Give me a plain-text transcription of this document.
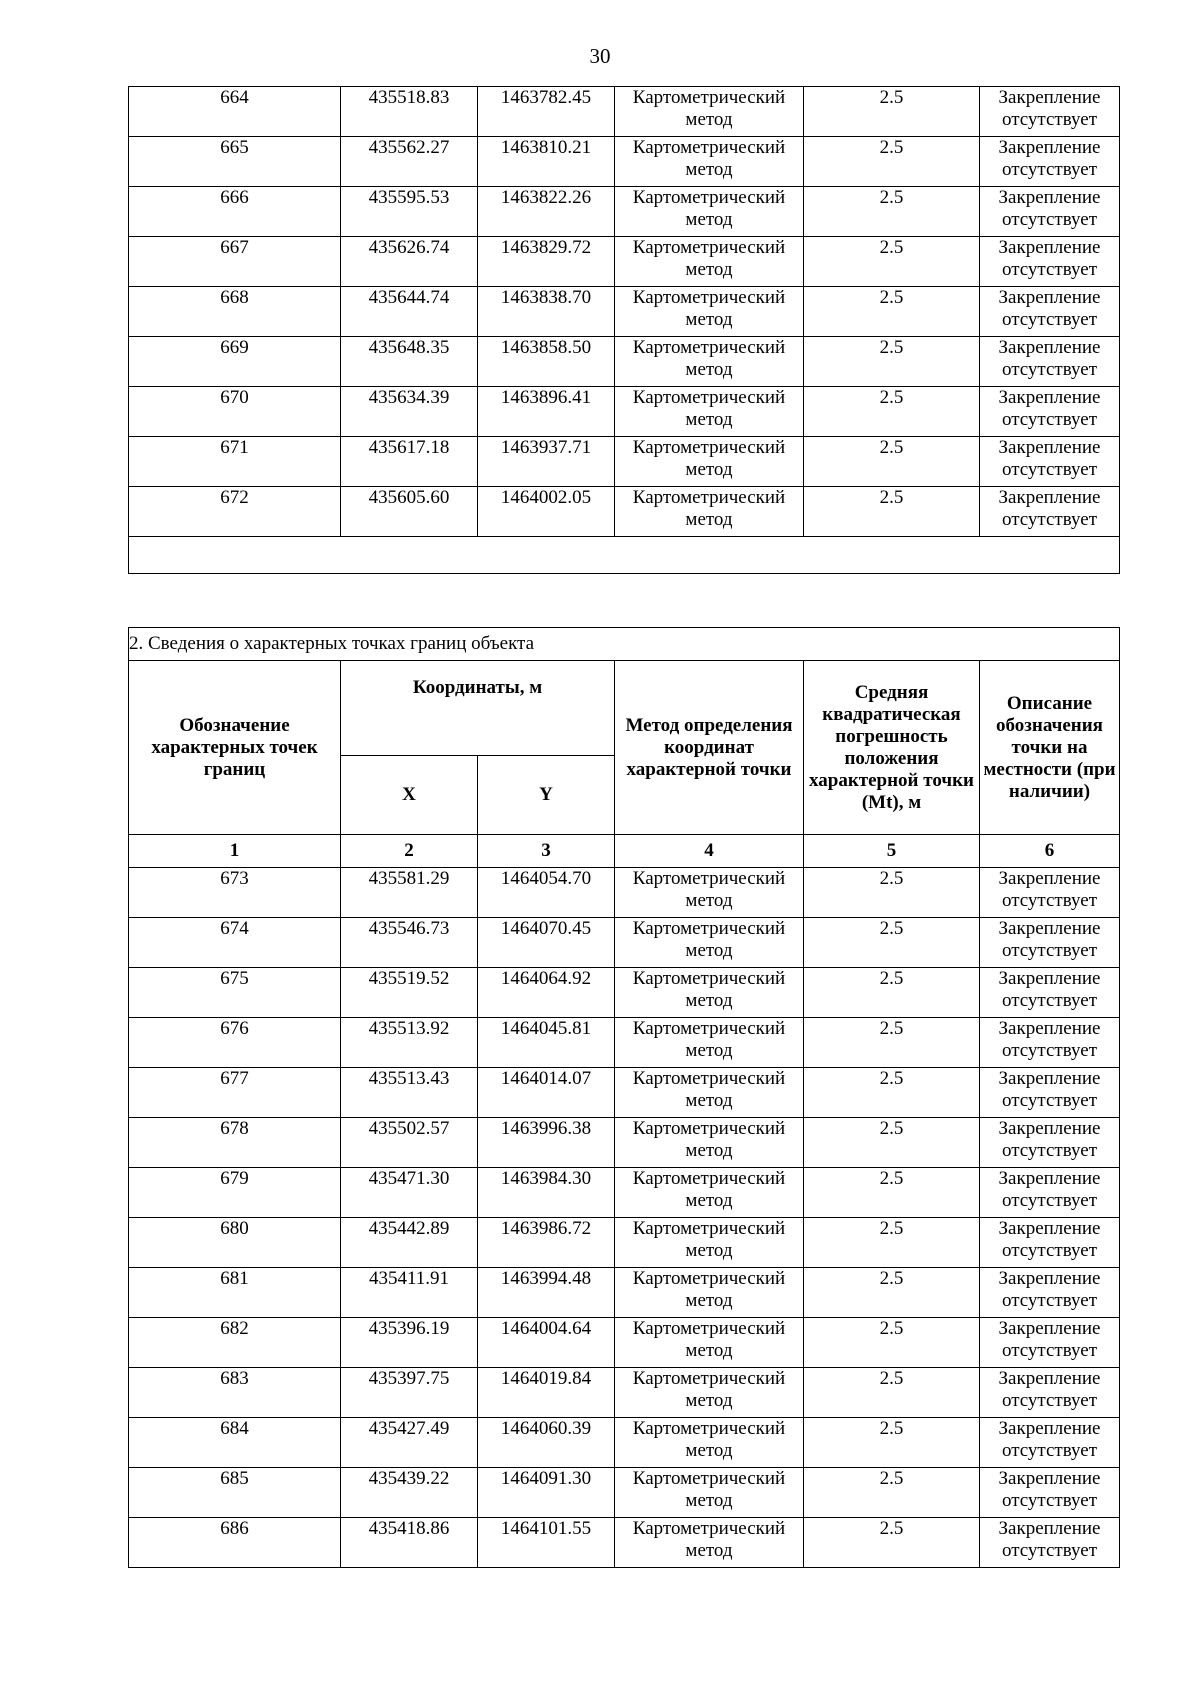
30
664	435518.83	1463782.45	Картометрический метод	2.5	Закрепление отсутствует
665	435562.27	1463810.21	Картометрический метод	2.5	Закрепление отсутствует
666	435595.53	1463822.26	Картометрический метод	2.5	Закрепление отсутствует
667	435626.74	1463829.72	Картометрический метод	2.5	Закрепление отсутствует
668	435644.74	1463838.70	Картометрический метод	2.5	Закрепление отсутствует
669	435648.35	1463858.50	Картометрический метод	2.5	Закрепление отсутствует
670	435634.39	1463896.41	Картометрический метод	2.5	Закрепление отсутствует
671	435617.18	1463937.71	Картометрический метод	2.5	Закрепление отсутствует
672	435605.60	1464002.05	Картометрический метод	2.5	Закрепление отсутствует

2. Сведения о характерных точках границ объекта					
Обозначение характерных точек границ	Координаты, м		Метод определения координат характерной точки	Средняя квадратическая погрешность положения характерной точки (Mt), м	Описание обозначения точки на местности (при наличии)
	X	Y			
1	2	3	4	5	6
673	435581.29	1464054.70	Картометрический метод	2.5	Закрепление отсутствует
674	435546.73	1464070.45	Картометрический метод	2.5	Закрепление отсутствует
675	435519.52	1464064.92	Картометрический метод	2.5	Закрепление отсутствует
676	435513.92	1464045.81	Картометрический метод	2.5	Закрепление отсутствует
677	435513.43	1464014.07	Картометрический метод	2.5	Закрепление отсутствует
678	435502.57	1463996.38	Картометрический метод	2.5	Закрепление отсутствует
679	435471.30	1463984.30	Картометрический метод	2.5	Закрепление отсутствует
680	435442.89	1463986.72	Картометрический метод	2.5	Закрепление отсутствует
681	435411.91	1463994.48	Картометрический метод	2.5	Закрепление отсутствует
682	435396.19	1464004.64	Картометрический метод	2.5	Закрепление отсутствует
683	435397.75	1464019.84	Картометрический метод	2.5	Закрепление отсутствует
684	435427.49	1464060.39	Картометрический метод	2.5	Закрепление отсутствует
685	435439.22	1464091.30	Картометрический метод	2.5	Закрепление отсутствует
686	435418.86	1464101.55	Картометрический метод	2.5	Закрепление отсутствует
